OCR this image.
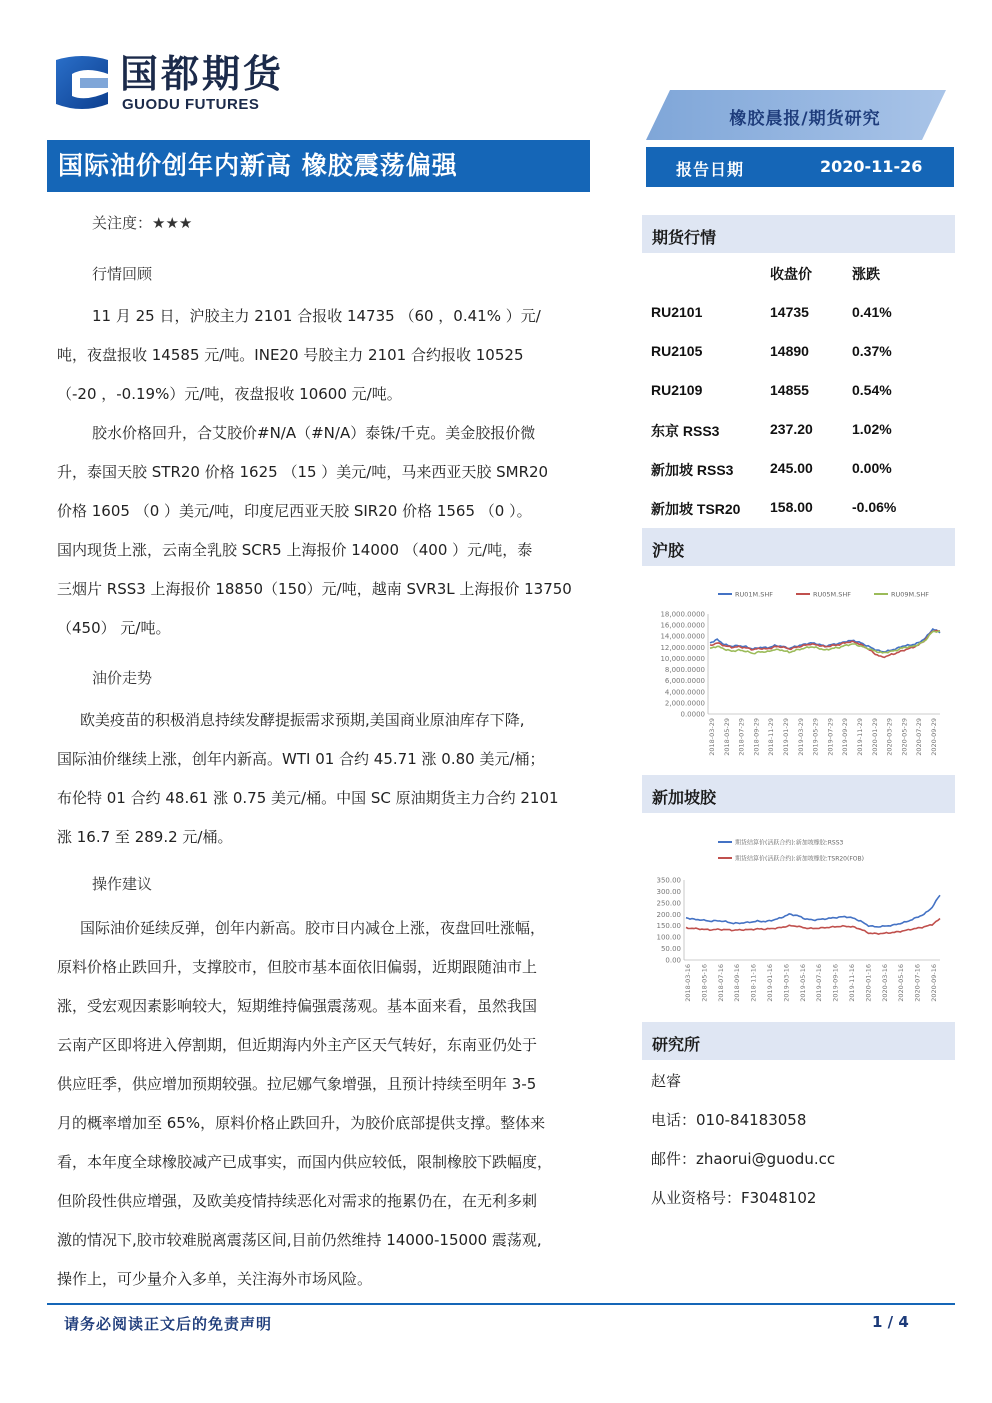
国都期货
GUODU FUTURES
橡胶晨报/期货研究
国际油价创年内新高 橡胶震荡偏强	报告日期	2020-11-26
关注度：★★★
行情回顾
11 月 25 日，沪胶主力 2101 合报收 14735 （60 ，0.41% ）元/
吨，夜盘报收 14585 元/吨。INE20 号胶主力 2101 合约报收 10525
（-20 ，-0.19%）元/吨，夜盘报收 10600 元/吨。
胶水价格回升，合艾胶价#N/A（#N/A）泰铢/千克。美金胶报价微
升，泰国天胶 STR20 价格 1625 （15 ）美元/吨，马来西亚天胶 SMR20
价格 1605 （0 ）美元/吨，印度尼西亚天胶 SIR20 价格 1565 （0 ）。
国内现货上涨，云南全乳胶 SCR5 上海报价 14000 （400 ）元/吨，泰
三烟片 RSS3 上海报价 18850（150）元/吨，越南 SVR3L 上海报价 13750
（450） 元/吨。
油价走势
欧美疫苗的积极消息持续发酵提振需求预期,美国商业原油库存下降,
国际油价继续上涨，创年内新高。WTI 01 合约 45.71 涨 0.80 美元/桶；
布伦特 01 合约 48.61 涨 0.75 美元/桶。中国 SC 原油期货主力合约 2101
涨 16.7 至 289.2 元/桶。
操作建议
国际油价延续反弹，创年内新高。胶市日内减仓上涨，夜盘回吐涨幅，
原料价格止跌回升，支撑胶市，但胶市基本面依旧偏弱，近期跟随油市上
涨，受宏观因素影响较大，短期维持偏强震荡观。基本面来看，虽然我国
云南产区即将进入停割期，但近期海内外主产区天气转好，东南亚仍处于
供应旺季，供应增加预期较强。拉尼娜气象增强，且预计持续至明年 3-5
月的概率增加至 65%，原料价格止跌回升，为胶价底部提供支撑。整体来
看，本年度全球橡胶减产已成事实，而国内供应较低，限制橡胶下跌幅度，
但阶段性供应增强，及欧美疫情持续恶化对需求的拖累仍在，在无利多刺
激的情况下,胶市较难脱离震荡区间,目前仍然维持 14000-15000 震荡观,
操作上，可少量介入多单，关注海外市场风险。
期货行情
收盘价	涨跌
RU2101	14735	0.41%
RU2105	14890	0.37%
RU2109	14855	0.54%
东京 RSS3	237.20	1.02%
新加坡 RSS3	245.00	0.00%
新加坡 TSR20 158.00	-0.06%
沪胶
RU01M.SHF	RU05M.SHF	RU09M.SHF
0.0000
2,000.0000
4,000.0000
6,000.0000
8,000.0000
10,000.0000
12,000.0000
14,000.0000
16,000.0000
18,000.0000
2018-03-29 2018-05-29 2018-07-29 2018-09-29 2018-11-29 2019-01-29 2019-03-29 2019-05-29 2019-07-29 2019-09-29 2019-11-29 2020-01-29 2020-03-29 2020-05-29 2020-07-29 2020-09-29
新加坡胶
期货结算价(活跃合约):新加坡橡胶:RSS3
期货结算价(活跃合约):新加坡橡胶:TSR20(FOB)
0.00
50.00
100.00
150.00
200.00
250.00
300.00
350.00
2018-03-16 2018-05-16 2018-07-16 2018-09-16 2018-11-16 2019-01-16 2019-03-16 2019-05-16 2019-07-16 2019-09-16 2019-11-16 2020-01-16 2020-03-16 2020-05-16 2020-07-16 2020-09-16
研究所
赵睿
电话：010-84183058
邮件：zhaorui@guodu.cc
从业资格号：F3048102
请务必阅读正文后的免责声明	1 / 4
